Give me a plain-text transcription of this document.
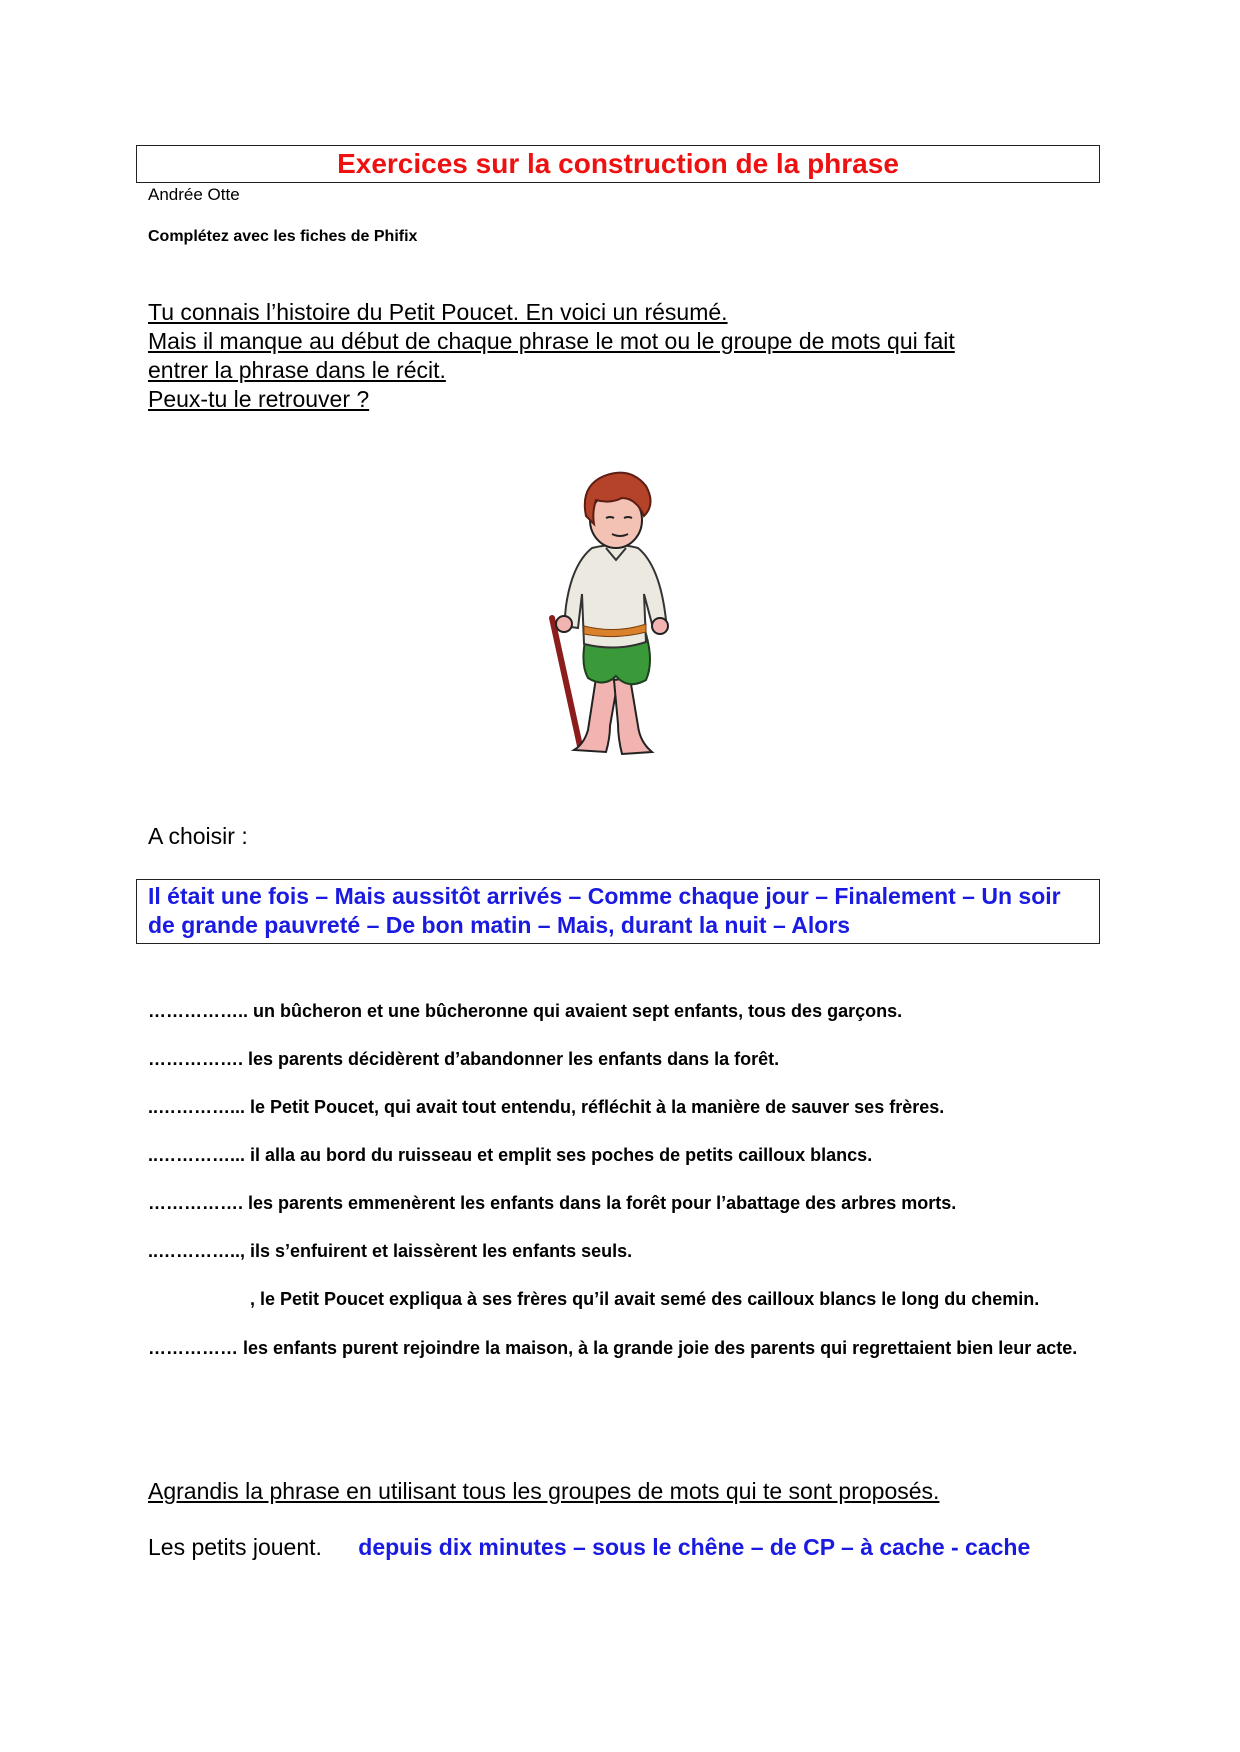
Exercices sur la construction de la phrase
Andrée Otte
Complétez avec les fiches de Phifix
Tu connais l’histoire du Petit Poucet. En voici un résumé.
Mais il manque au début de chaque phrase le mot ou le groupe de mots qui fait
entrer la phrase dans le récit.
Peux-tu le retrouver ?
A choisir :
Il était une fois – Mais aussitôt arrivés – Comme chaque jour – Finalement – Un soir de grande pauvreté – De bon matin – Mais, durant la nuit – Alors
…………….. un bûcheron et une bûcheronne qui avaient sept enfants, tous des garçons.
……………. les parents décidèrent d’abandonner les enfants dans la forêt.
..…………... le Petit Poucet, qui avait tout entendu, réfléchit à la manière de sauver ses frères.
..…………... il alla au bord du ruisseau et emplit ses poches de petits cailloux blancs.
……………. les parents emmenèrent les enfants dans la forêt pour l’abattage des arbres morts.
..………….., ils s’enfuirent et laissèrent les enfants seuls.
, le Petit Poucet expliqua à ses frères qu’il avait semé des cailloux blancs le long du chemin.
…………… les enfants purent rejoindre la maison, à la grande joie des parents qui regrettaient bien leur acte.
Agrandis la phrase en utilisant tous les groupes de mots qui te sont proposés.
Les petits jouent. depuis dix minutes – sous le chêne – de CP – à cache - cache
